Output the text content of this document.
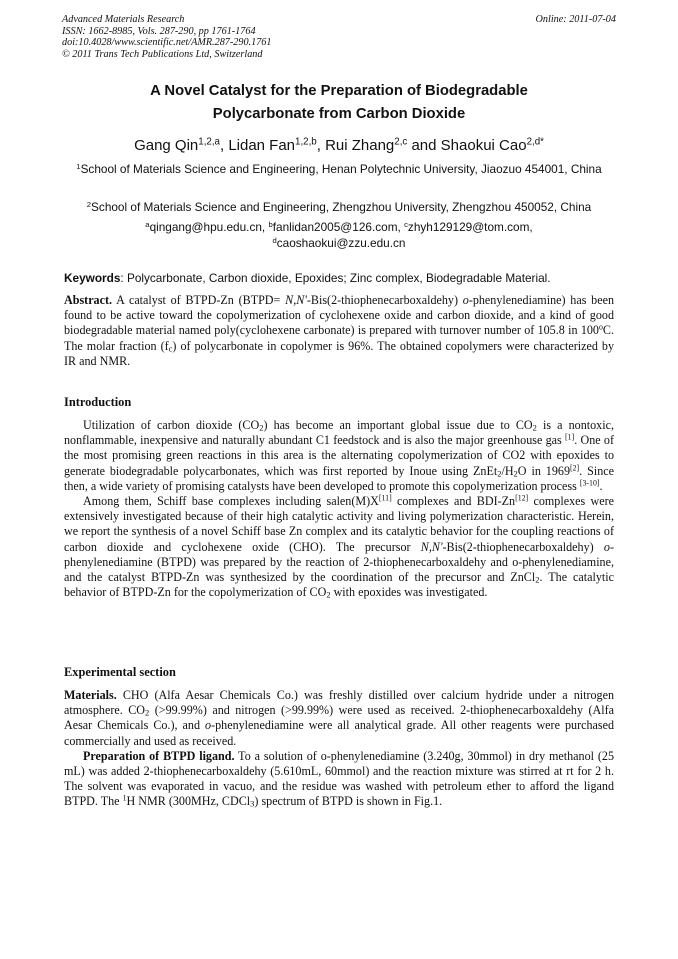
Advanced Materials Research
ISSN: 1662-8985, Vols. 287-290, pp 1761-1764
doi:10.4028/www.scientific.net/AMR.287-290.1761
© 2011 Trans Tech Publications Ltd, Switzerland
Online: 2011-07-04
A Novel Catalyst for the Preparation of Biodegradable
Polycarbonate from Carbon Dioxide
Gang Qin$^{1,2,a}$, Lidan Fan$^{1,2,b}$, Rui Zhang$^{2,c}$ and Shaokui Cao$^{2,d*}$
$^1$School of Materials Science and Engineering, Henan Polytechnic University, Jiaozuo 454001, China
$^2$School of Materials Science and Engineering, Zhengzhou University, Zhengzhou 450052, China
$^a$qingang@hpu.edu.cn, $^b$fanlidan2005@126.com, $^c$zhyh129129@tom.com,
$^d$caoshaokui@zzu.edu.cn
Keywords: Polycarbonate, Carbon dioxide, Epoxides; Zinc complex, Biodegradable Material.

Abstract. A catalyst of BTPD-Zn (BTPD= N,N'-Bis(2-thiophenecarboxaldehy) o-phenylenediamine) has been found to be active toward the copolymerization of cyclohexene oxide and carbon dioxide, and a kind of good biodegradable material named poly(cyclohexene carbonate) is prepared with turnover number of 105.8 in 100$^o$C. The molar fraction $(f_c)$ of polycarbonate in copolymer is 96%. The obtained copolymers were characterized by IR and NMR.

Introduction

Utilization of carbon dioxide $(CO_2)$ has become an important global issue due to $CO_2$ is a nontoxic, nonflammable, inexpensive and naturally abundant C1 feedstock and is also the major greenhouse gas [1]. One of the most promising green reactions in this area is the alternating copolymerization of CO2 with epoxides to generate biodegradable polycarbonates, which was first reported by Inoue using $ZnEt_2/H_2O$ in 1969[2]. Since then, a wide variety of promising catalysts have been developed to promote this copolymerization process [3-10].

Among them, Schiff base complexes including salen(M)X[11] complexes and BDI-Zn[12] complexes were extensively investigated because of their high catalytic activity and living polymerization characteristic. Herein, we report the synthesis of a novel Schiff base Zn complex and its catalytic behavior for the coupling reactions of carbon dioxide and cyclohexene oxide (CHO). The precursor N,N'-Bis(2-thiophenecarboxaldehy) o-phenylenediamine (BTPD) was prepared by the reaction of 2-thiophenecarboxaldehy and o-phenylenediamine, and the catalyst BTPD-Zn was synthesized by the coordination of the precursor and ZnCl$_2$. The catalytic behavior of BTPD-Zn for the copolymerization of $CO_2$ with epoxides was investigated.

Experimental section

Materials. CHO (Alfa Aesar Chemicals Co.) was freshly distilled over calcium hydride under a nitrogen atmosphere. $CO_2$ (>99.99%) and nitrogen (>99.99%) were used as received. 2-thiophenecarboxaldehy (Alfa Aesar Chemicals Co.), and o-phenylenediamine were all analytical grade. All other reagents were purchased commercially and used as received.

Preparation of BTPD ligand. To a solution of o-phenylenediamine (3.240g, 30mmol) in dry methanol (25 mL) was added 2-thiophenecarboxaldehy (5.610mL, 60mmol) and the reaction mixture was stirred at rt for 2 h. The solvent was evaporated in vacuo, and the residue was washed with petroleum ether to afford the ligand BTPD. The $^1$H NMR (300MHz, CDCl$_3$) spectrum of BTPD is shown in Fig.1.
